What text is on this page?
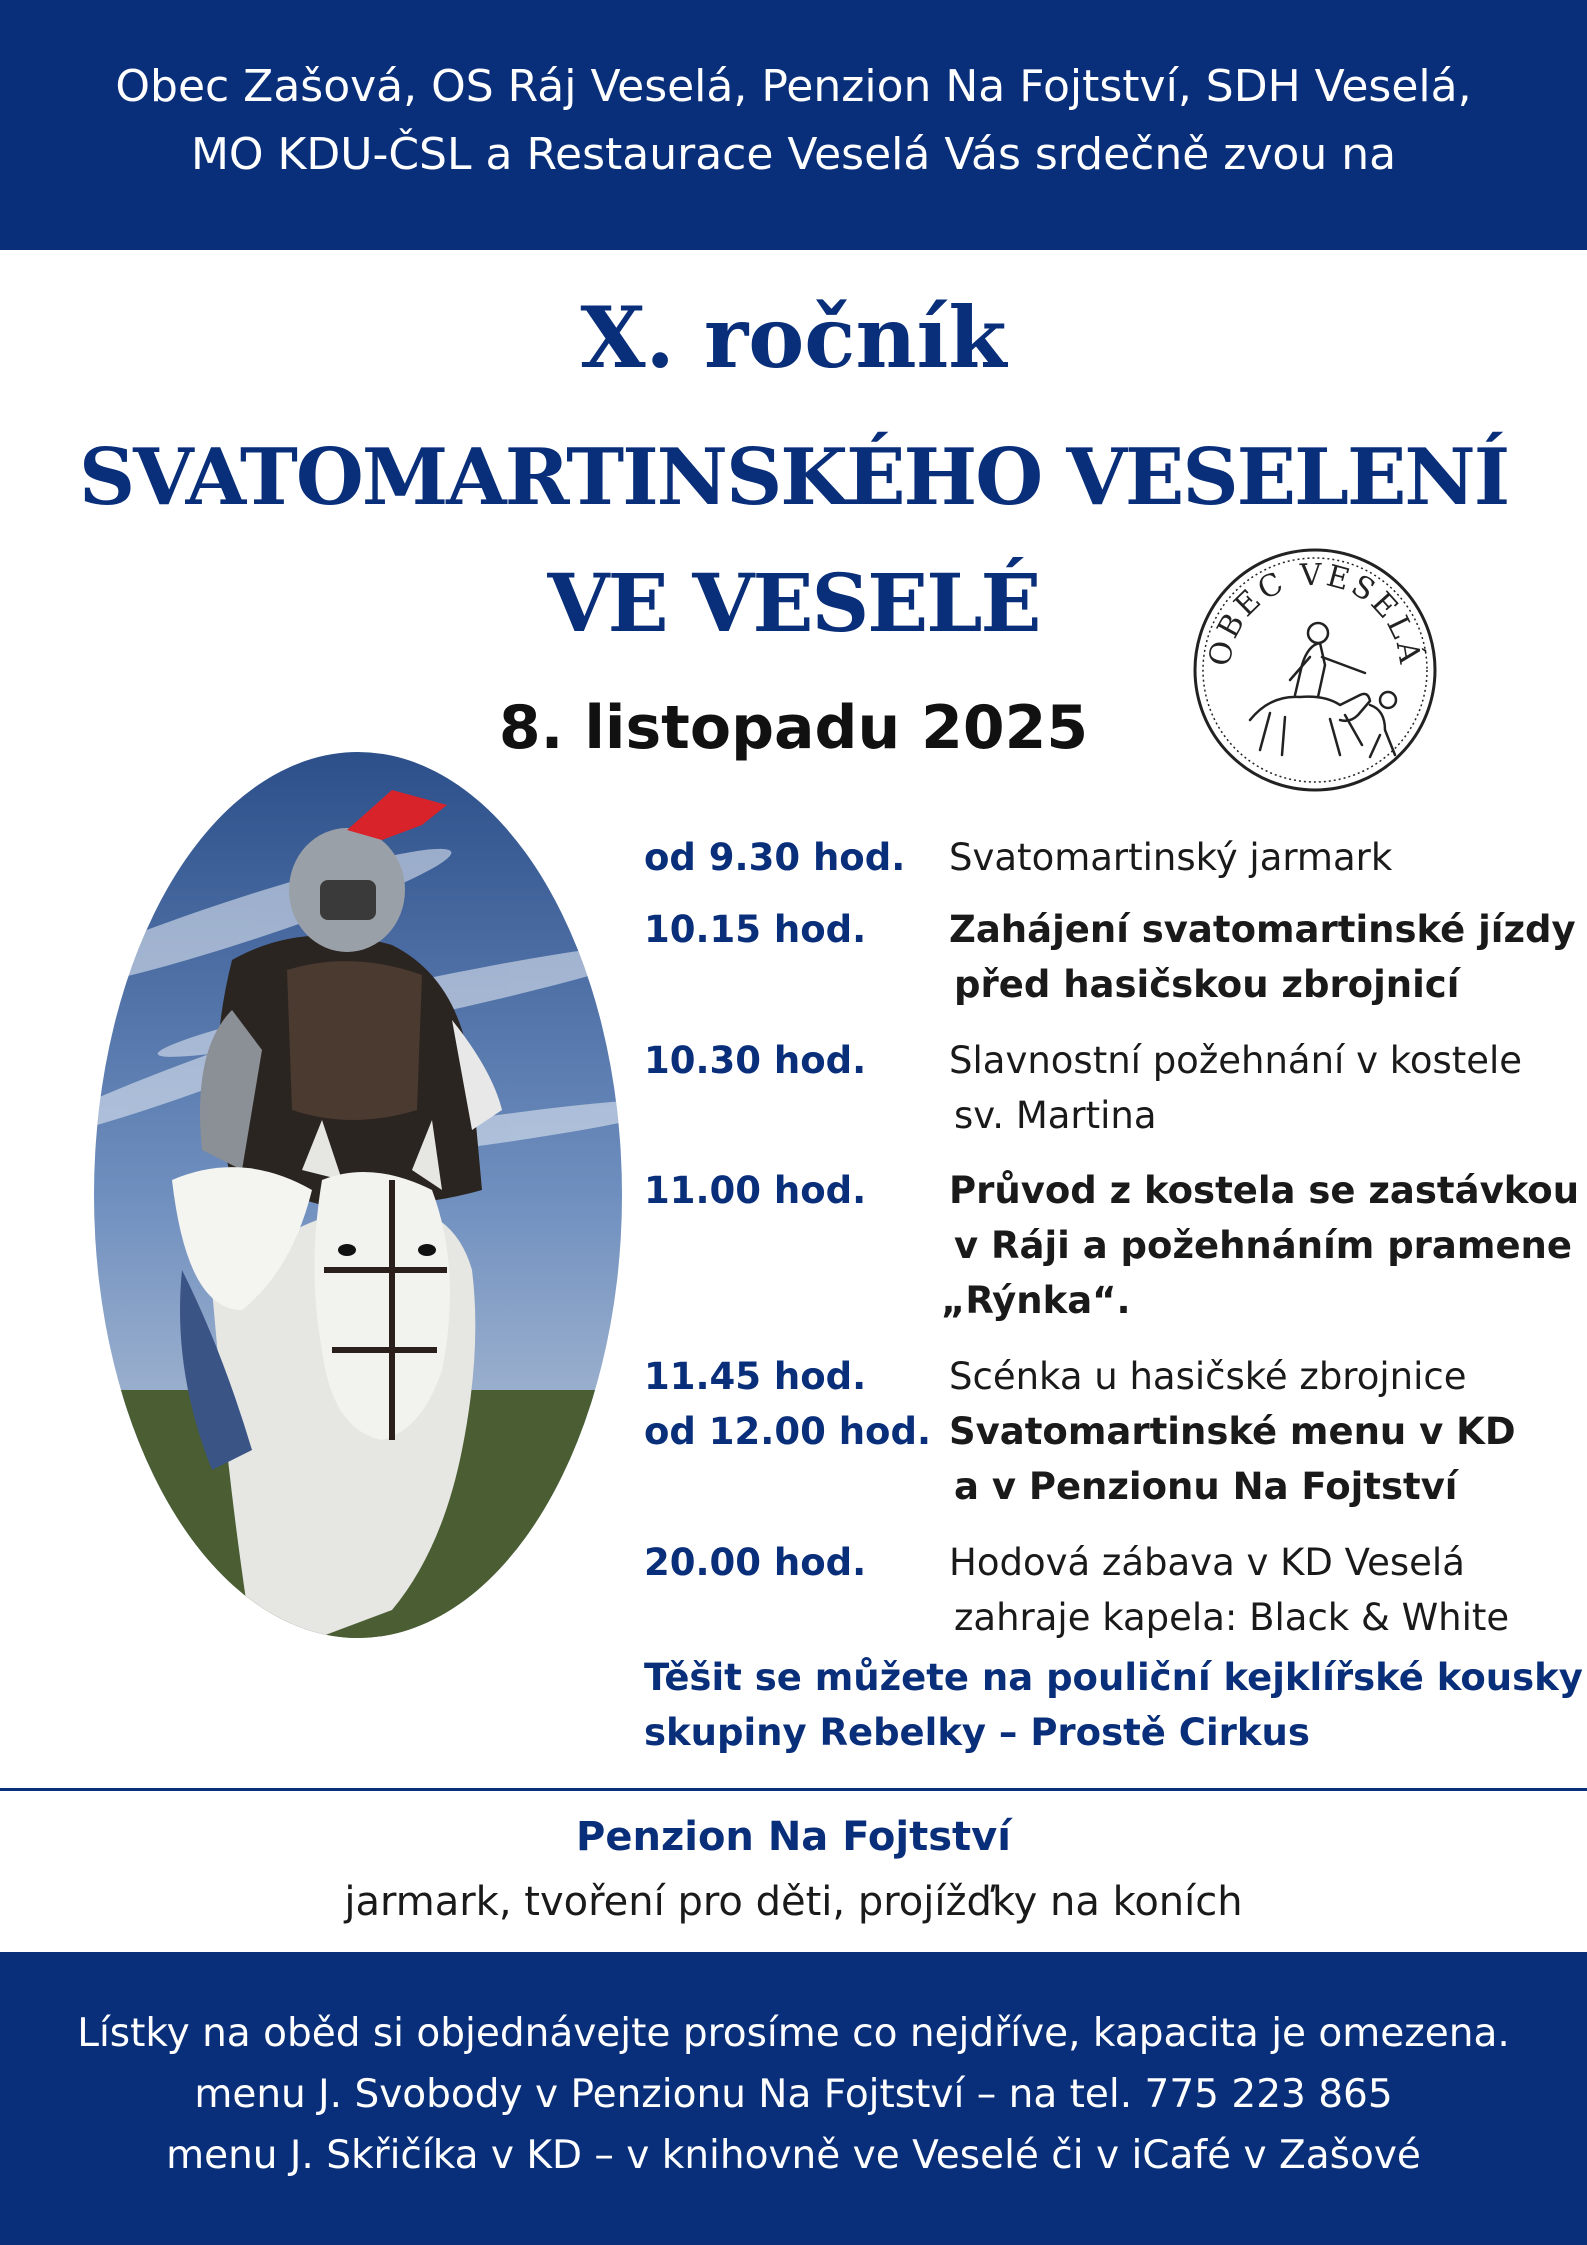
Obec Zašová, OS Ráj Veselá, Penzion Na Fojtství, SDH Veselá,

MO KDU-ČSL a Restaurace Veselá Vás srdečně zvou na

X. ročník
SVATOMARTINSKÉHO VESELENÍ
VE VESELÉ
8. listopadu 2025
OBEC VESELÁ
od 9.30 hod. Svatomartinský jarmark
10.15 hod. Zahájení svatomartinské jízdy
před hasičskou zbrojnicí
10.30 hod. Slavnostní požehnání v kostele
sv. Martina
11.00 hod. Průvod z kostela se zastávkou
v Ráji a požehnáním pramene
„Rýnka“.
11.45 hod. Scénka u hasičské zbrojnice
od 12.00 hod. Svatomartinské menu v KD
a v Penzionu Na Fojtství
20.00 hod. Hodová zábava v KD Veselá
zahraje kapela: Black & White
Těšit se můžete na pouliční kejklířské kousky
skupiny Rebelky – Prostě Cirkus
Penzion Na Fojtství
jarmark, tvoření pro děti, projížďky na koních

Lístky na oběd si objednávejte prosíme co nejdříve, kapacita je omezena.

menu J. Svobody v Penzionu Na Fojtství – na tel. 775 223 865

menu J. Skřičíka v KD – v knihovně ve Veselé či v iCafé v Zašové
